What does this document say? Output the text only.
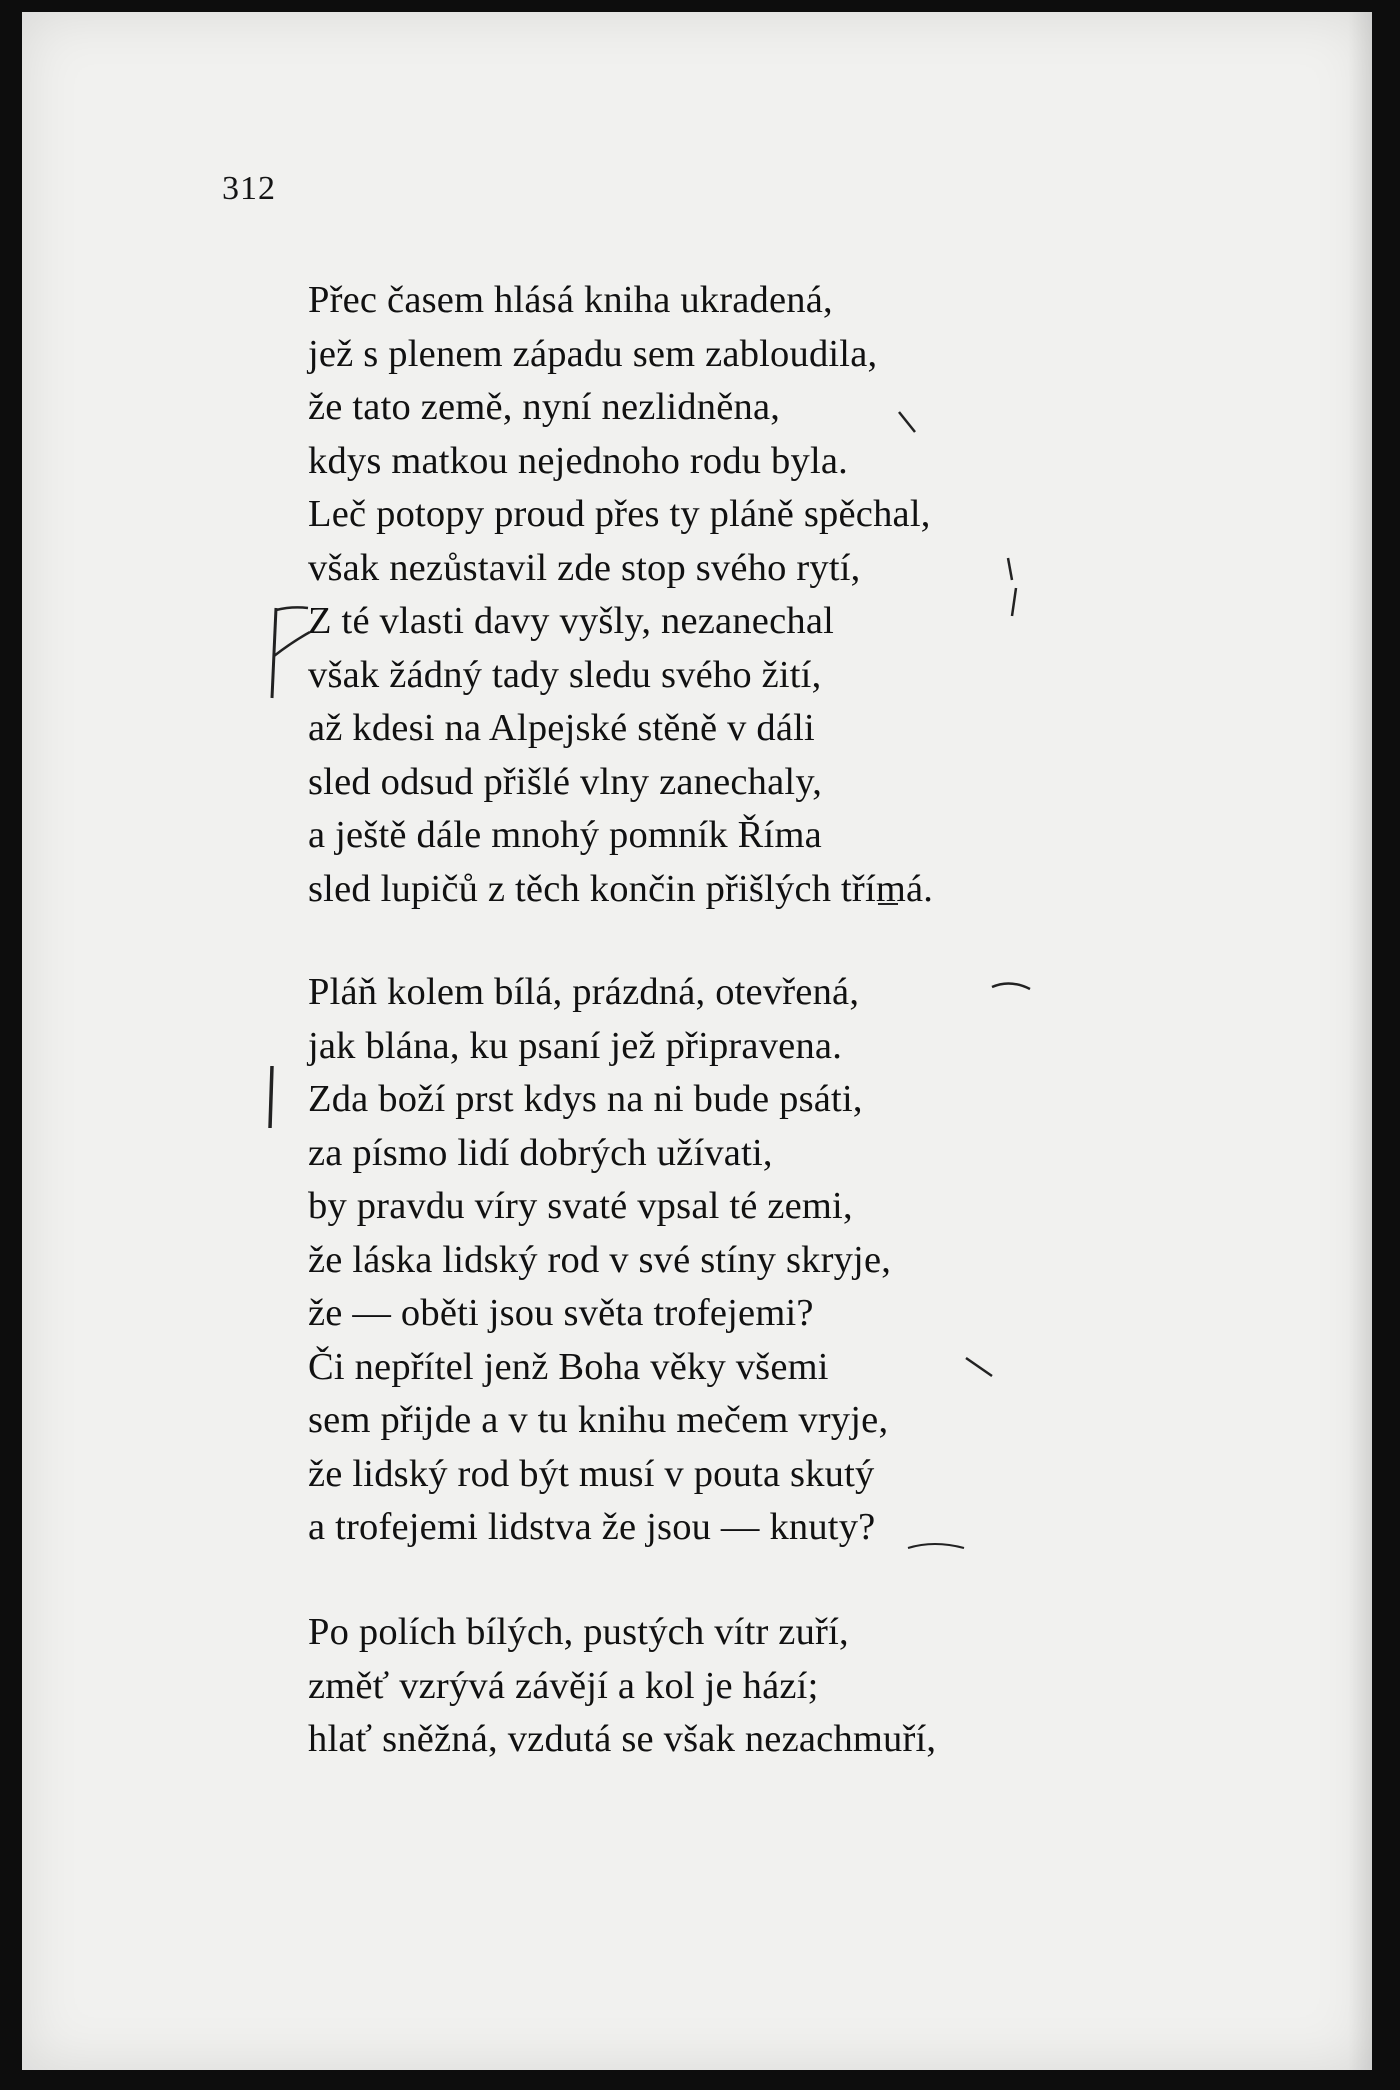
312
Přec časem hlásá kniha ukradená,
jež s plenem západu sem zabloudila,
že tato země, nyní nezlidněna,
kdys matkou nejednoho rodu byla.
Leč potopy proud přes ty pláně spěchal,
však nezůstavil zde stop svého rytí,
Z té vlasti davy vyšly, nezanechal
však žádný tady sledu svého žití,
až kdesi na Alpejské stěně v dáli
sled odsud přišlé vlny zanechaly,
a ještě dále mnohý pomník Říma
sled lupičů z těch končin přišlých třímá.
Pláň kolem bílá, prázdná, otevřená,
jak blána, ku psaní jež připravena.
Zda boží prst kdys na ni bude psáti,
za písmo lidí dobrých užívati,
by pravdu víry svaté vpsal té zemi,
že láska lidský rod v své stíny skryje,
že — oběti jsou světa trofejemi?
Či nepřítel jenž Boha věky všemi
sem přijde a v tu knihu mečem vryje,
že lidský rod být musí v pouta skutý
a trofejemi lidstva že jsou — knuty?
Po polích bílých, pustých vítr zuří,
změť vzrývá závějí a kol je hází;
hlať sněžná, vzdutá se však nezachmuří,
